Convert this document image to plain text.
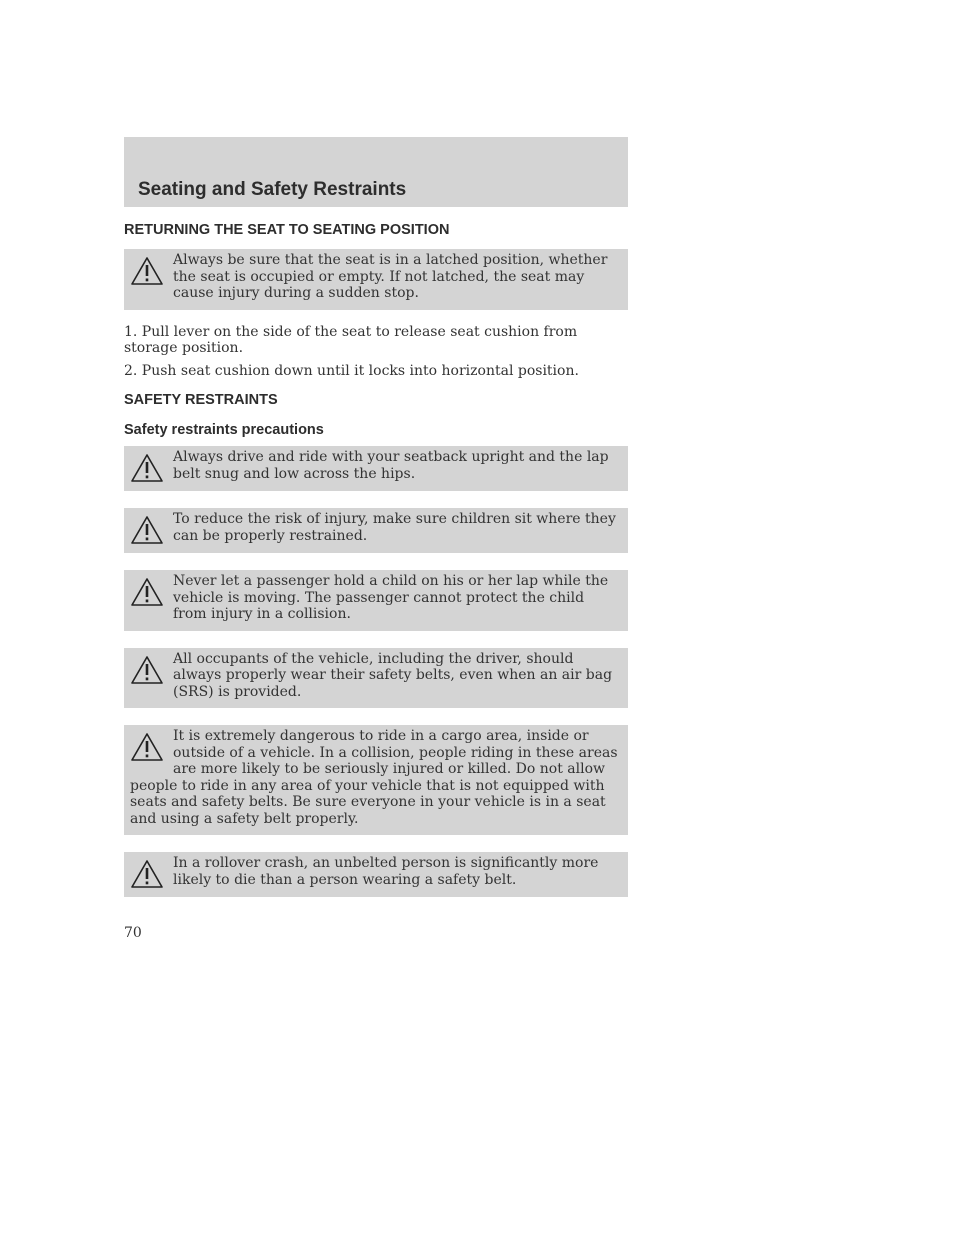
Seating and Safety Restraints
RETURNING THE SEAT TO SEATING POSITION
Always be sure that the seat is in a latched position, whether the seat is occupied or empty. If not latched, the seat may cause injury during a sudden stop.

1. Pull lever on the side of the seat to release seat cushion from storage position.

2. Push seat cushion down until it locks into horizontal position.

SAFETY RESTRAINTS
Safety restraints precautions
Always drive and ride with your seatback upright and the lap belt snug and low across the hips.
To reduce the risk of injury, make sure children sit where they can be properly restrained.
Never let a passenger hold a child on his or her lap while the vehicle is moving. The passenger cannot protect the child from injury in a collision.
All occupants of the vehicle, including the driver, should always properly wear their safety belts, even when an air bag (SRS) is provided.
It is extremely dangerous to ride in a cargo area, inside or outside of a vehicle. In a collision, people riding in these areas are more likely to be seriously injured or killed. Do not allow people to ride in any area of your vehicle that is not equipped with seats and safety belts. Be sure everyone in your vehicle is in a seat and using a safety belt properly.
In a rollover crash, an unbelted person is significantly more likely to die than a person wearing a safety belt.
70
